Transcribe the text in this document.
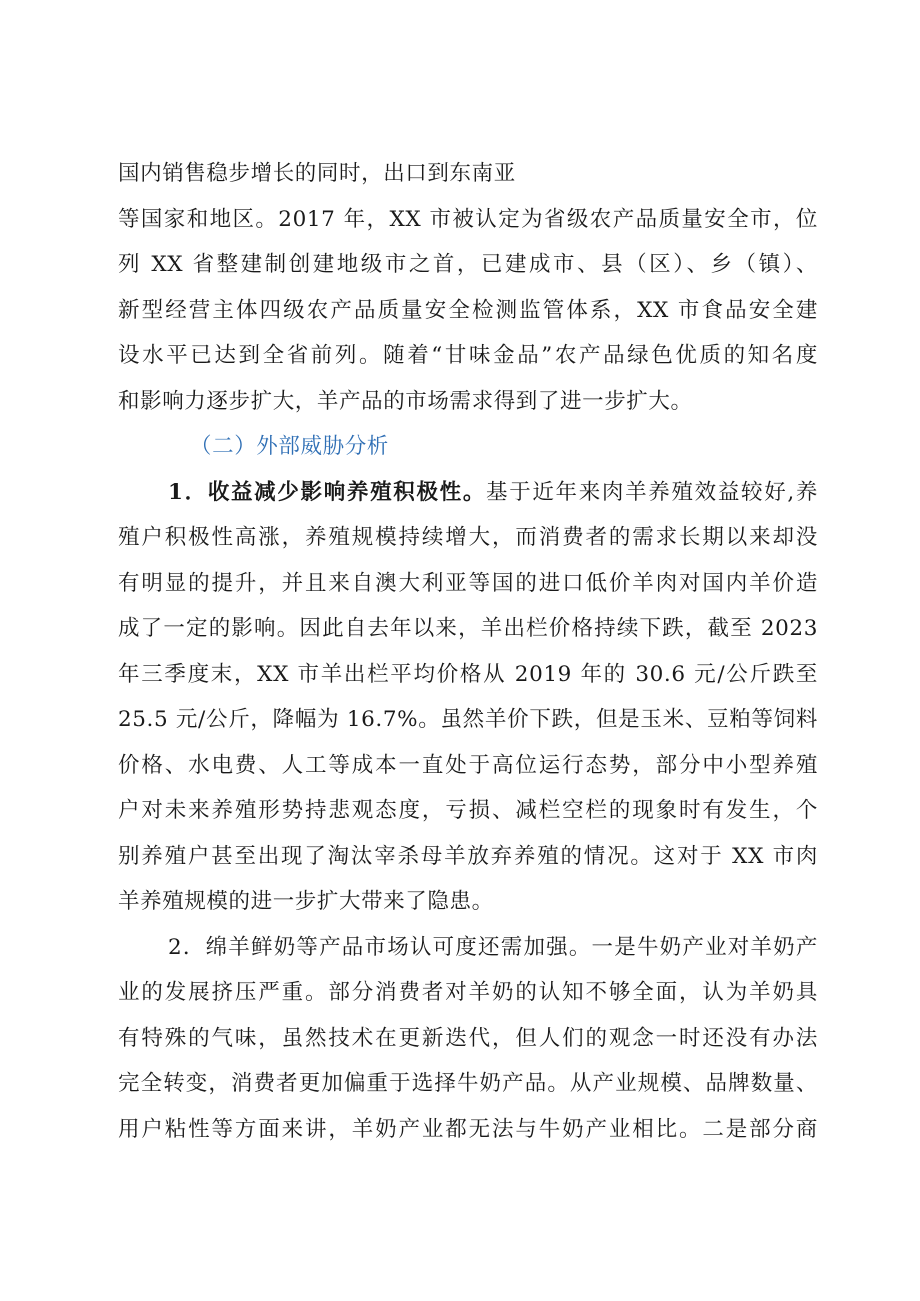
国内销售稳步增长的同时，出口到东南亚
等国家和地区。2017 年，XX 市被认定为省级农产品质量安全市，位
列 XX 省整建制创建地级市之首，已建成市、县（区）、乡（镇）、
新型经营主体四级农产品质量安全检测监管体系，XX 市食品安全建
设水平已达到全省前列。随着“甘味金品”农产品绿色优质的知名度
和影响力逐步扩大，羊产品的市场需求得到了进一步扩大。
（二）外部威胁分析
1．收益减少影响养殖积极性。基于近年来肉羊养殖效益较好,养
殖户积极性高涨，养殖规模持续增大，而消费者的需求长期以来却没
有明显的提升，并且来自澳大利亚等国的进口低价羊肉对国内羊价造
成了一定的影响。因此自去年以来，羊出栏价格持续下跌，截至 2023
年三季度末，XX 市羊出栏平均价格从 2019 年的 30.6 元/公斤跌至
25.5 元/公斤，降幅为 16.7%。虽然羊价下跌，但是玉米、豆粕等饲料
价格、水电费、人工等成本一直处于高位运行态势，部分中小型养殖
户对未来养殖形势持悲观态度，亏损、减栏空栏的现象时有发生，个
别养殖户甚至出现了淘汰宰杀母羊放弃养殖的情况。这对于 XX 市肉
羊养殖规模的进一步扩大带来了隐患。
2．绵羊鲜奶等产品市场认可度还需加强。一是牛奶产业对羊奶产
业的发展挤压严重。部分消费者对羊奶的认知不够全面，认为羊奶具
有特殊的气味，虽然技术在更新迭代，但人们的观念一时还没有办法
完全转变，消费者更加偏重于选择牛奶产品。从产业规模、品牌数量、
用户粘性等方面来讲，羊奶产业都无法与牛奶产业相比。二是部分商
